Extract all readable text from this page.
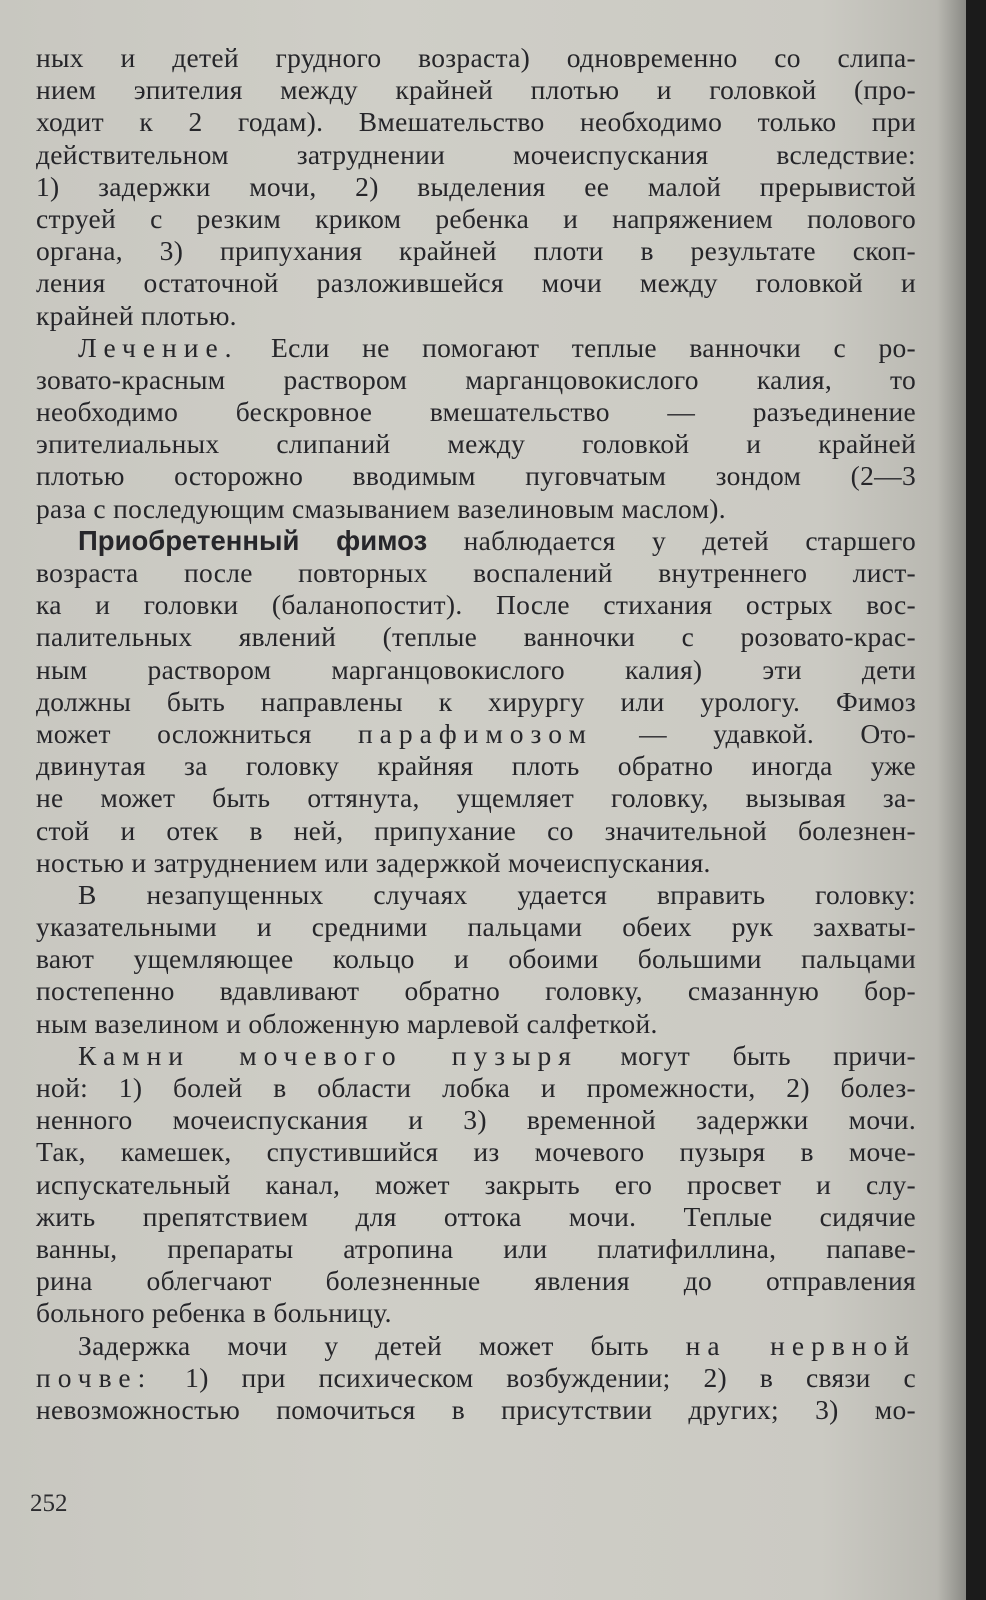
ных и детей грудного возраста) одновременно со слипа-
нием эпителия между крайней плотью и головкой (про-
ходит к 2 годам). Вмешательство необходимо только при
действительном затруднении мочеиспускания вследствие:
1) задержки мочи, 2) выделения ее малой прерывистой
струей с резким криком ребенка и напряжением полового
органа, 3) припухания крайней плоти в результате скоп-
ления остаточной разложившейся мочи между головкой и
крайней плотью.
Лечение. Если не помогают теплые ванночки с ро-
зовато-красным раствором марганцовокислого калия, то
необходимо бескровное вмешательство — разъединение
эпителиальных слипаний между головкой и крайней
плотью осторожно вводимым пуговчатым зондом (2—3
раза с последующим смазыванием вазелиновым маслом).
Приобретенный фимоз наблюдается у детей старшего
возраста после повторных воспалений внутреннего лист-
ка и головки (баланопостит). После стихания острых вос-
палительных явлений (теплые ванночки с розовато-крас-
ным раствором марганцовокислого калия) эти дети
должны быть направлены к хирургу или урологу. Фимоз
может осложниться парафимозом — удавкой. Ото-
двинутая за головку крайняя плоть обратно иногда уже
не может быть оттянута, ущемляет головку, вызывая за-
стой и отек в ней, припухание со значительной болезнен-
ностью и затруднением или задержкой мочеиспускания.
В незапущенных случаях удается вправить головку:
указательными и средними пальцами обеих рук захваты-
вают ущемляющее кольцо и обоими большими пальцами
постепенно вдавливают обратно головку, смазанную бор-
ным вазелином и обложенную марлевой салфеткой.
Камни мочевого пузыря могут быть причи-
ной: 1) болей в области лобка и промежности, 2) болез-
ненного мочеиспускания и 3) временной задержки мочи.
Так, камешек, спустившийся из мочевого пузыря в моче-
испускательный канал, может закрыть его просвет и слу-
жить препятствием для оттока мочи. Теплые сидячие
ванны, препараты атропина или платифиллина, папаве-
рина облегчают болезненные явления до отправления
больного ребенка в больницу.
Задержка мочи у детей может быть на нервной
почве: 1) при психическом возбуждении; 2) в связи с
невозможностью помочиться в присутствии других; 3) мо-
252
